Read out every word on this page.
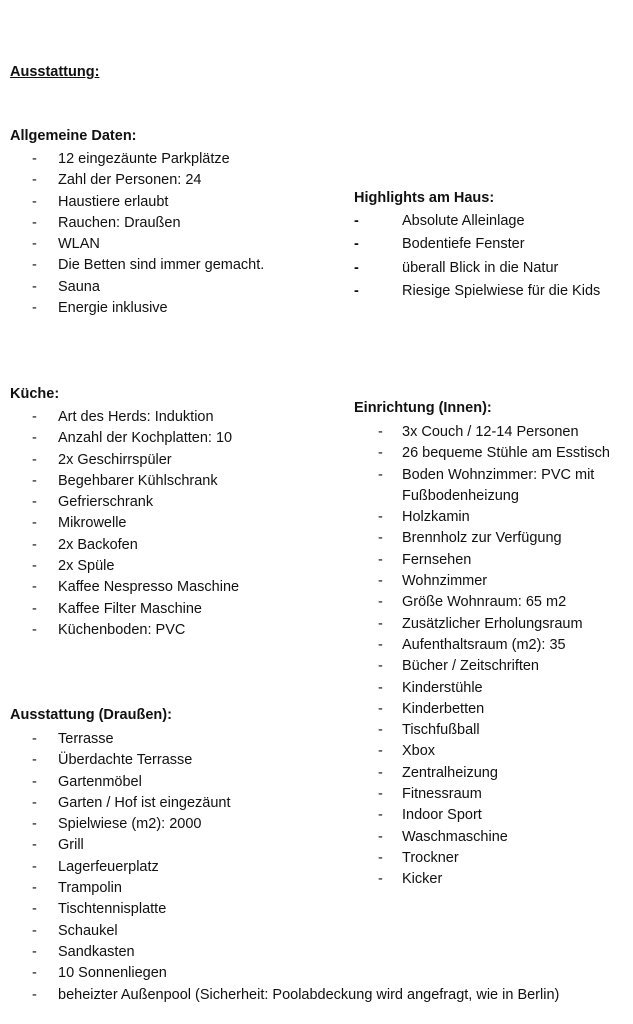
Ausstattung:
Allgemeine Daten:
- 12 eingezäunte Parkplätze
- Zahl der Personen: 24
- Haustiere erlaubt
- Rauchen: Draußen
- WLAN
- Die Betten sind immer gemacht.
- Sauna
- Energie inklusive
Highlights am Haus:
-	Absolute Alleinlage
-	Bodentiefe Fenster
-	überall Blick in die Natur
-	Riesige Spielwiese für die Kids
Küche:
- Art des Herds: Induktion
- Anzahl der Kochplatten: 10
- 2x Geschirrspüler
- Begehbarer Kühlschrank
- Gefrierschrank
- Mikrowelle
- 2x Backofen
- 2x Spüle
- Kaffee Nespresso Maschine
- Kaffee Filter Maschine
- Küchenboden: PVC
Einrichtung (Innen):
- 3x Couch / 12-14 Personen
- 26 bequeme Stühle am Esstisch
- Boden Wohnzimmer: PVC mit
Fußbodenheizung
- Holzkamin
- Brennholz zur Verfügung
- Fernsehen
- Wohnzimmer
- Größe Wohnraum: 65 m2
- Zusätzlicher Erholungsraum
- Aufenthaltsraum (m2): 35
- Bücher / Zeitschriften
- Kinderstühle
- Kinderbetten
- Tischfußball
- Xbox
- Zentralheizung
- Fitnessraum
- Indoor Sport
- Waschmaschine
- Trockner
- Kicker
Ausstattung (Draußen):
- Terrasse
- Überdachte Terrasse
- Gartenmöbel
- Garten / Hof ist eingezäunt
- Spielwiese (m2): 2000
- Grill
- Lagerfeuerplatz
- Trampolin
- Tischtennisplatte
- Schaukel
- Sandkasten
- 10 Sonnenliegen
- beheizter Außenpool (Sicherheit: Poolabdeckung wird angefragt, wie in Berlin)
